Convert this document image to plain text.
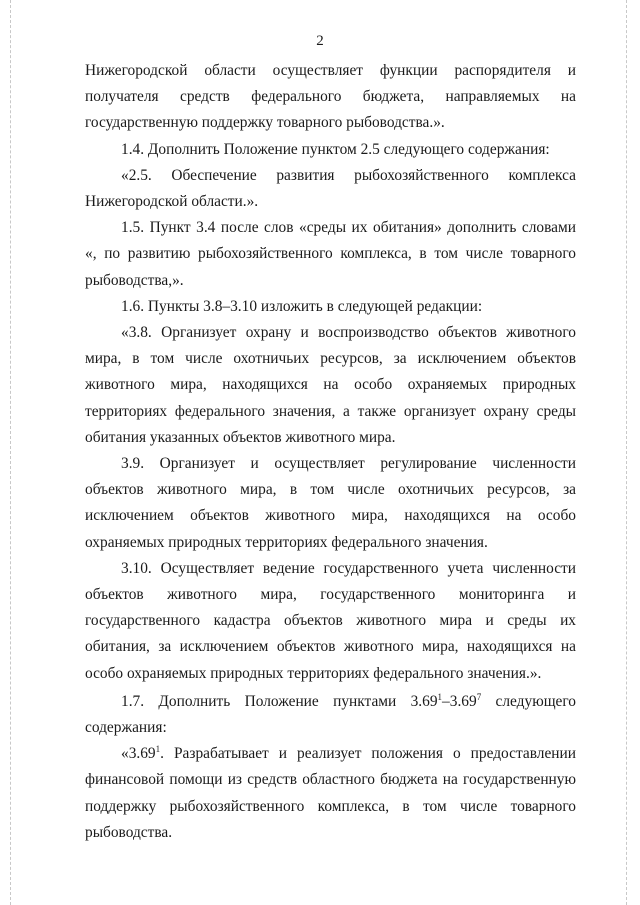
2

Нижегородской области осуществляет функции распорядителя и получателя средств федерального бюджета, направляемых на государственную поддержку товарного рыбоводства.».

1.4. Дополнить Положение пунктом 2.5 следующего содержания:

«2.5. Обеспечение развития рыбохозяйственного комплекса Нижегородской области.».

1.5. Пункт 3.4 после слов «среды их обитания» дополнить словами «, по развитию рыбохозяйственного комплекса, в том числе товарного рыбоводства,».

1.6. Пункты 3.8–3.10 изложить в следующей редакции:

«3.8. Организует охрану и воспроизводство объектов животного мира, в том числе охотничьих ресурсов, за исключением объектов животного мира, находящихся на особо охраняемых природных территориях федерального значения, а также организует охрану среды обитания указанных объектов животного мира.

3.9. Организует и осуществляет регулирование численности объектов животного мира, в том числе охотничьих ресурсов, за исключением объектов животного мира, находящихся на особо охраняемых природных территориях федерального значения.

3.10. Осуществляет ведение государственного учета численности объектов животного мира, государственного мониторинга и государственного кадастра объектов животного мира и среды их обитания, за исключением объектов животного мира, находящихся на особо охраняемых природных территориях федерального значения.».

1.7. Дополнить Положение пунктами 3.69$^1$–3.69$^7$ следующего содержания:

«3.69$^1$. Разрабатывает и реализует положения о предоставлении финансовой помощи из средств областного бюджета на государственную поддержку рыбохозяйственного комплекса, в том числе товарного рыбоводства.
